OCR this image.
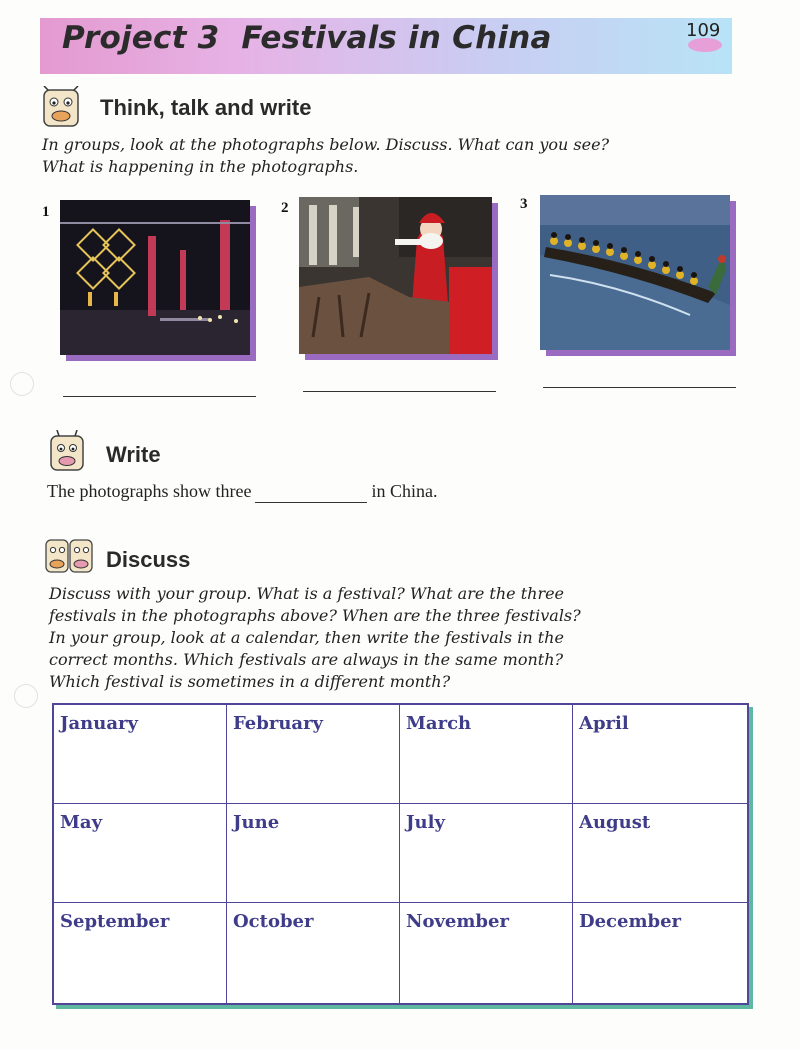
Project 3 Festivals in China	109
Think, talk and write
In groups, look at the photographs below. Discuss. What can you see?
What is happening in the photographs.
1	2	3
Write
The photographs show three	in China.
Discuss
Discuss with your group. What is a festival? What are the three
festivals in the photographs above? When are the three festivals?
In your group, look at a calendar, then write the festivals in the
correct months. Which festivals are always in the same month?
Which festival is sometimes in a different month?
January	February	March	April
May	June	July	August
September	October	November	December
